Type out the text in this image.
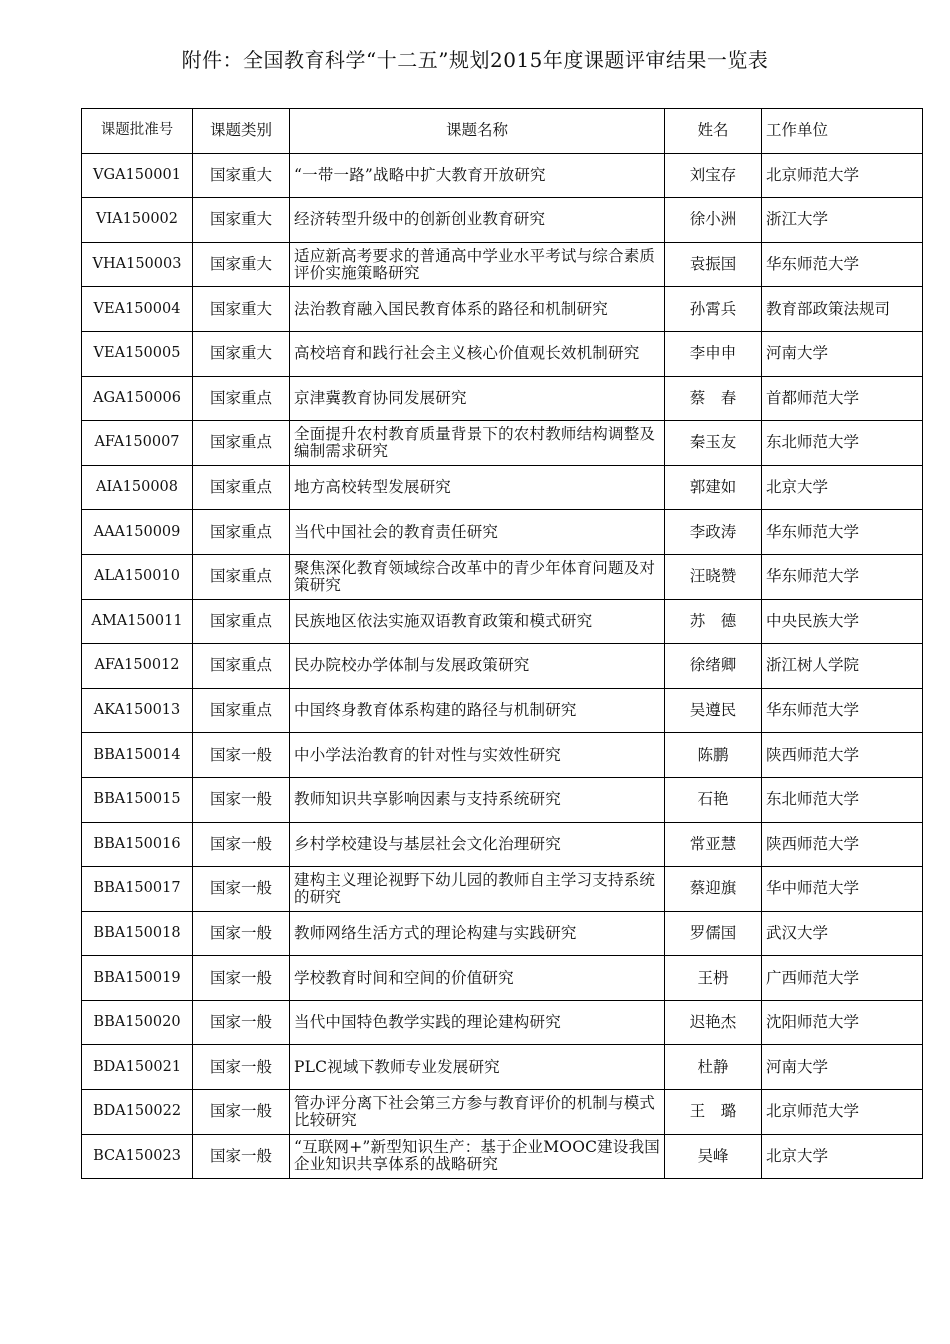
附件：全国教育科学“十二五”规划2015年度课题评审结果一览表
课题批准号	课题类别	课题名称	姓名	工作单位
VGA150001	国家重大	“一带一路”战略中扩大教育开放研究	刘宝存	北京师范大学
VIA150002	国家重大	经济转型升级中的创新创业教育研究	徐小洲	浙江大学
VHA150003	国家重大	适应新高考要求的普通高中学业水平考试与综合素质评价实施策略研究	袁振国	华东师范大学
VEA150004	国家重大	法治教育融入国民教育体系的路径和机制研究	孙霄兵	教育部政策法规司
VEA150005	国家重大	高校培育和践行社会主义核心价值观长效机制研究	李申申	河南大学
AGA150006	国家重点	京津冀教育协同发展研究	蔡　春	首都师范大学
AFA150007	国家重点	全面提升农村教育质量背景下的农村教师结构调整及编制需求研究	秦玉友	东北师范大学
AIA150008	国家重点	地方高校转型发展研究	郭建如	北京大学
AAA150009	国家重点	当代中国社会的教育责任研究	李政涛	华东师范大学
ALA150010	国家重点	聚焦深化教育领域综合改革中的青少年体育问题及对策研究	汪晓赞	华东师范大学
AMA150011	国家重点	民族地区依法实施双语教育政策和模式研究	苏　德	中央民族大学
AFA150012	国家重点	民办院校办学体制与发展政策研究	徐绪卿	浙江树人学院
AKA150013	国家重点	中国终身教育体系构建的路径与机制研究	吴遵民	华东师范大学
BBA150014	国家一般	中小学法治教育的针对性与实效性研究	陈鹏	陕西师范大学
BBA150015	国家一般	教师知识共享影响因素与支持系统研究	石艳	东北师范大学
BBA150016	国家一般	乡村学校建设与基层社会文化治理研究	常亚慧	陕西师范大学
BBA150017	国家一般	建构主义理论视野下幼儿园的教师自主学习支持系统的研究	蔡迎旗	华中师范大学
BBA150018	国家一般	教师网络生活方式的理论构建与实践研究	罗儒国	武汉大学
BBA150019	国家一般	学校教育时间和空间的价值研究	王枬	广西师范大学
BBA150020	国家一般	当代中国特色教学实践的理论建构研究	迟艳杰	沈阳师范大学
BDA150021	国家一般	PLC视域下教师专业发展研究	杜静	河南大学
BDA150022	国家一般	管办评分离下社会第三方参与教育评价的机制与模式比较研究	王　璐	北京师范大学
BCA150023	国家一般	“互联网+”新型知识生产：基于企业MOOC建设我国企业知识共享体系的战略研究	吴峰	北京大学
